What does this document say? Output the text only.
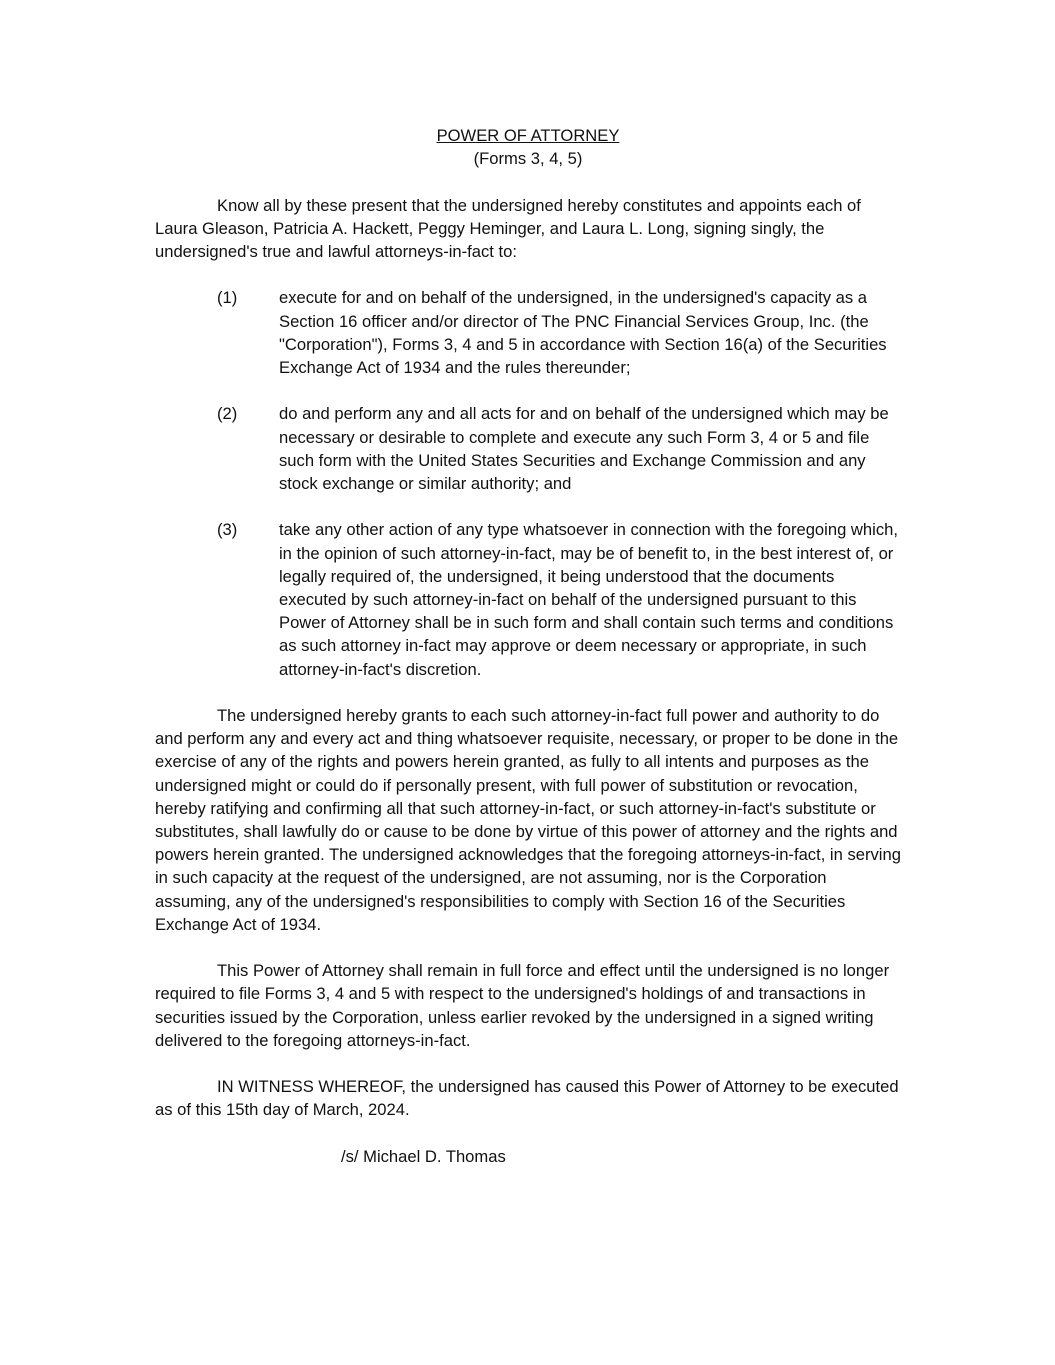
POWER OF ATTORNEY

(Forms 3, 4, 5)

Know all by these present that the undersigned hereby constitutes and appoints each of Laura Gleason, Patricia A. Hackett, Peggy Heminger, and Laura L. Long, signing singly, the undersigned's true and lawful attorneys-in-fact to:

(1)	execute for and on behalf of the undersigned, in the undersigned's capacity as a Section 16 officer and/or director of The PNC Financial Services Group, Inc. (the "Corporation"), Forms 3, 4 and 5 in accordance with Section 16(a) of the Securities Exchange Act of 1934 and the rules thereunder;
(2)	do and perform any and all acts for and on behalf of the undersigned which may be necessary or desirable to complete and execute any such Form 3, 4 or 5 and file such form with the United States Securities and Exchange Commission and any stock exchange or similar authority; and
(3)	take any other action of any type whatsoever in connection with the foregoing which, in the opinion of such attorney-in-fact, may be of benefit to, in the best interest of, or legally required of, the undersigned, it being understood that the documents executed by such attorney-in-fact on behalf of the undersigned pursuant to this Power of Attorney shall be in such form and shall contain such terms and conditions as such attorney in-fact may approve or deem necessary or appropriate, in such attorney-in-fact's discretion.

The undersigned hereby grants to each such attorney-in-fact full power and authority to do and perform any and every act and thing whatsoever requisite, necessary, or proper to be done in the exercise of any of the rights and powers herein granted, as fully to all intents and purposes as the undersigned might or could do if personally present, with full power of substitution or revocation, hereby ratifying and confirming all that such attorney-in-fact, or such attorney-in-fact's substitute or substitutes, shall lawfully do or cause to be done by virtue of this power of attorney and the rights and powers herein granted. The undersigned acknowledges that the foregoing attorneys-in-fact, in serving in such capacity at the request of the undersigned, are not assuming, nor is the Corporation assuming, any of the undersigned's responsibilities to comply with Section 16 of the Securities Exchange Act of 1934.

This Power of Attorney shall remain in full force and effect until the undersigned is no longer required to file Forms 3, 4 and 5 with respect to the undersigned's holdings of and transactions in securities issued by the Corporation, unless earlier revoked by the undersigned in a signed writing delivered to the foregoing attorneys-in-fact.

IN WITNESS WHEREOF, the undersigned has caused this Power of Attorney to be executed as of this 15th day of March, 2024.

/s/ Michael D. Thomas
